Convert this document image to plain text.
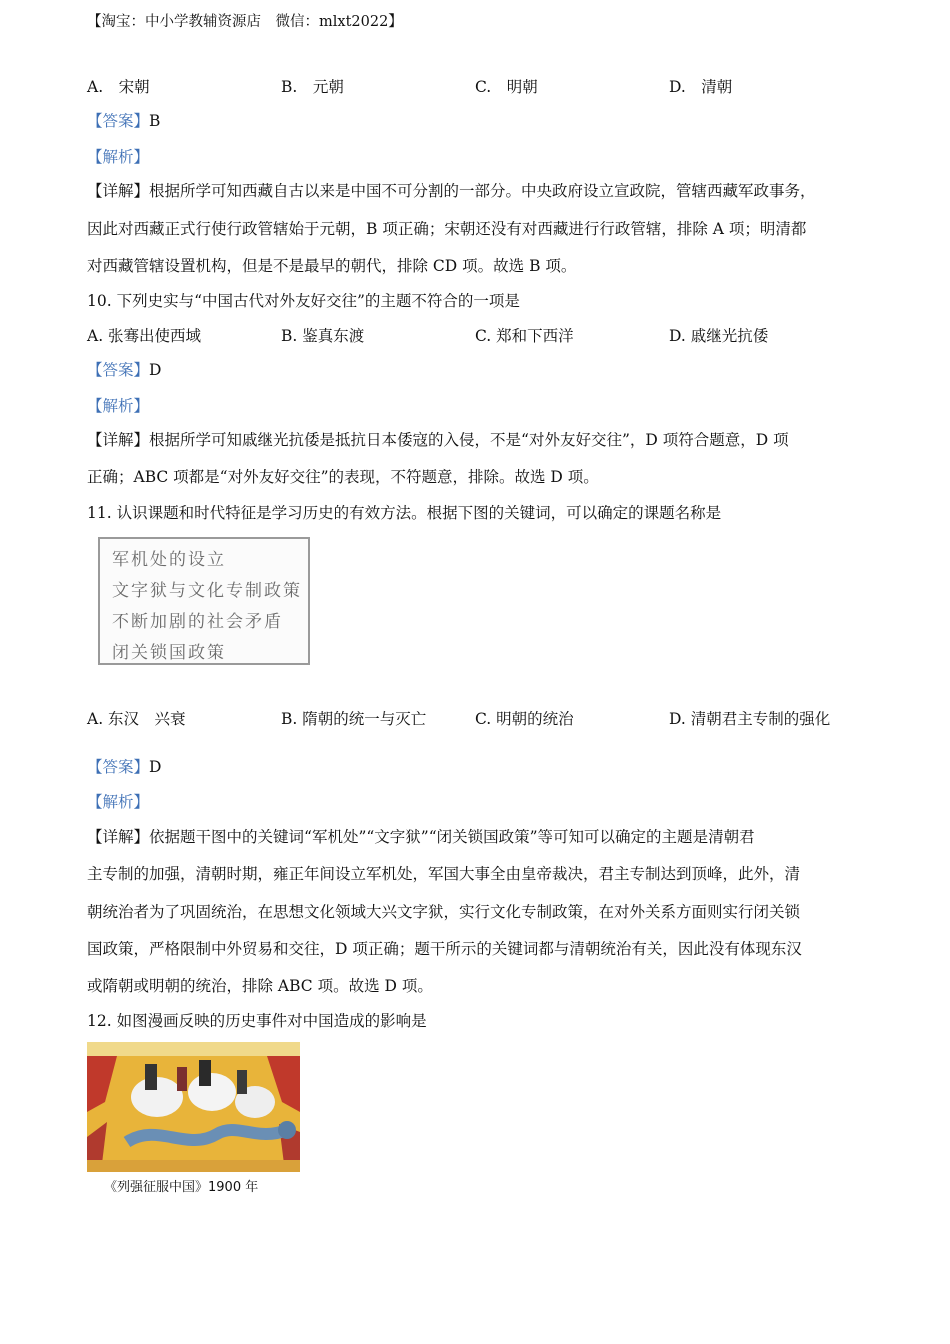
【淘宝：中小学教辅资源店　微信：mlxt2022】
A.　宋朝	B.　元朝	C.　明朝	D.　清朝
【答案】B
【解析】
【详解】根据所学可知西藏自古以来是中国不可分割的一部分。中央政府设立宣政院，管辖西藏军政事务，
因此对西藏正式行使行政管辖始于元朝，B 项正确；宋朝还没有对西藏进行行政管辖，排除 A 项；明清都
对西藏管辖设置机构，但是不是最早的朝代，排除 CD 项。故选 B 项。
10. 下列史实与“中国古代对外友好交往”的主题不符合的一项是
A. 张骞出使西域	B. 鉴真东渡	C. 郑和下西洋	D. 戚继光抗倭
【答案】D
【解析】
【详解】根据所学可知戚继光抗倭是抵抗日本倭寇的入侵，不是“对外友好交往”，D 项符合题意，D 项
正确；ABC 项都是“对外友好交往”的表现，不符题意，排除。故选 D 项。
11. 认识课题和时代特征是学习历史的有效方法。根据下图的关键词，可以确定的课题名称是
军机处的设立
文字狱与文化专制政策
不断加剧的社会矛盾
闭关锁国政策
A. 东汉　兴衰	B. 隋朝的统一与灭亡	C. 明朝的统治	D. 清朝君主专制的强化
【答案】D
【解析】
【详解】依据题干图中的关键词“军机处”“文字狱”“闭关锁国政策”等可知可以确定的主题是清朝君
主专制的加强，清朝时期，雍正年间设立军机处，军国大事全由皇帝裁决，君主专制达到顶峰，此外，清
朝统治者为了巩固统治，在思想文化领域大兴文字狱，实行文化专制政策，在对外关系方面则实行闭关锁
国政策，严格限制中外贸易和交往，D 项正确；题干所示的关键词都与清朝统治有关，因此没有体现东汉
或隋朝或明朝的统治，排除 ABC 项。故选 D 项。
12. 如图漫画反映的历史事件对中国造成的影响是
《列强征服中国》1900 年
